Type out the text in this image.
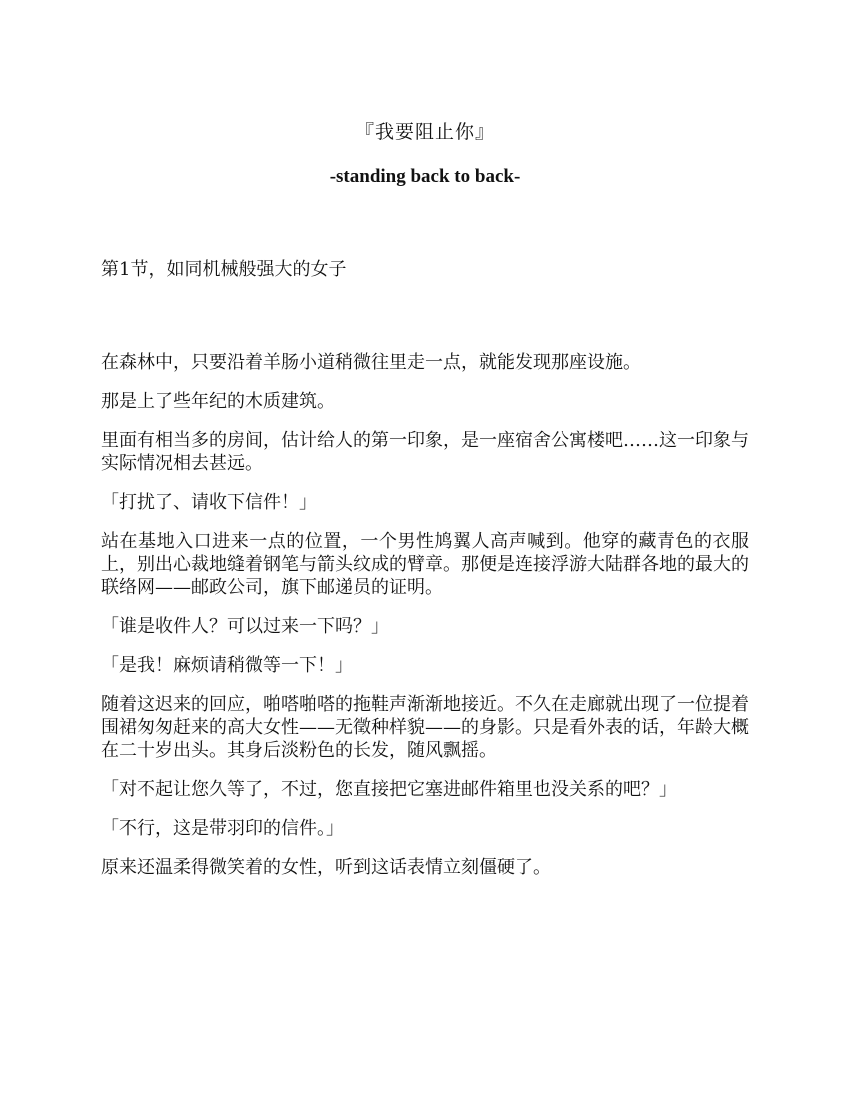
『我要阻止你』
-standing back to back-
第1节，如同机械般强大的女子

在森林中，只要沿着羊肠小道稍微往里走一点，就能发现那座设施。

那是上了些年纪的木质建筑。

里面有相当多的房间，估计给人的第一印象，是一座宿舍公寓楼吧……这一印象与实际情况相去甚远。

「打扰了、请收下信件！」

站在基地入口进来一点的位置，一个男性鸠翼人高声喊到。他穿的藏青色的衣服上，别出心裁地缝着钢笔与箭头纹成的臂章。那便是连接浮游大陆群各地的最大的联络网——邮政公司，旗下邮递员的证明。

「谁是收件人？可以过来一下吗？」

「是我！麻烦请稍微等一下！」

随着这迟来的回应，啪嗒啪嗒的拖鞋声渐渐地接近。不久在走廊就出现了一位提着围裙匆匆赶来的高大女性——无徵种样貌——的身影。只是看外表的话，年龄大概在二十岁出头。其身后淡粉色的长发，随风飘摇。

「对不起让您久等了，不过，您直接把它塞进邮件箱里也没关系的吧？」

「不行，这是带羽印的信件。」

原来还温柔得微笑着的女性，听到这话表情立刻僵硬了。
